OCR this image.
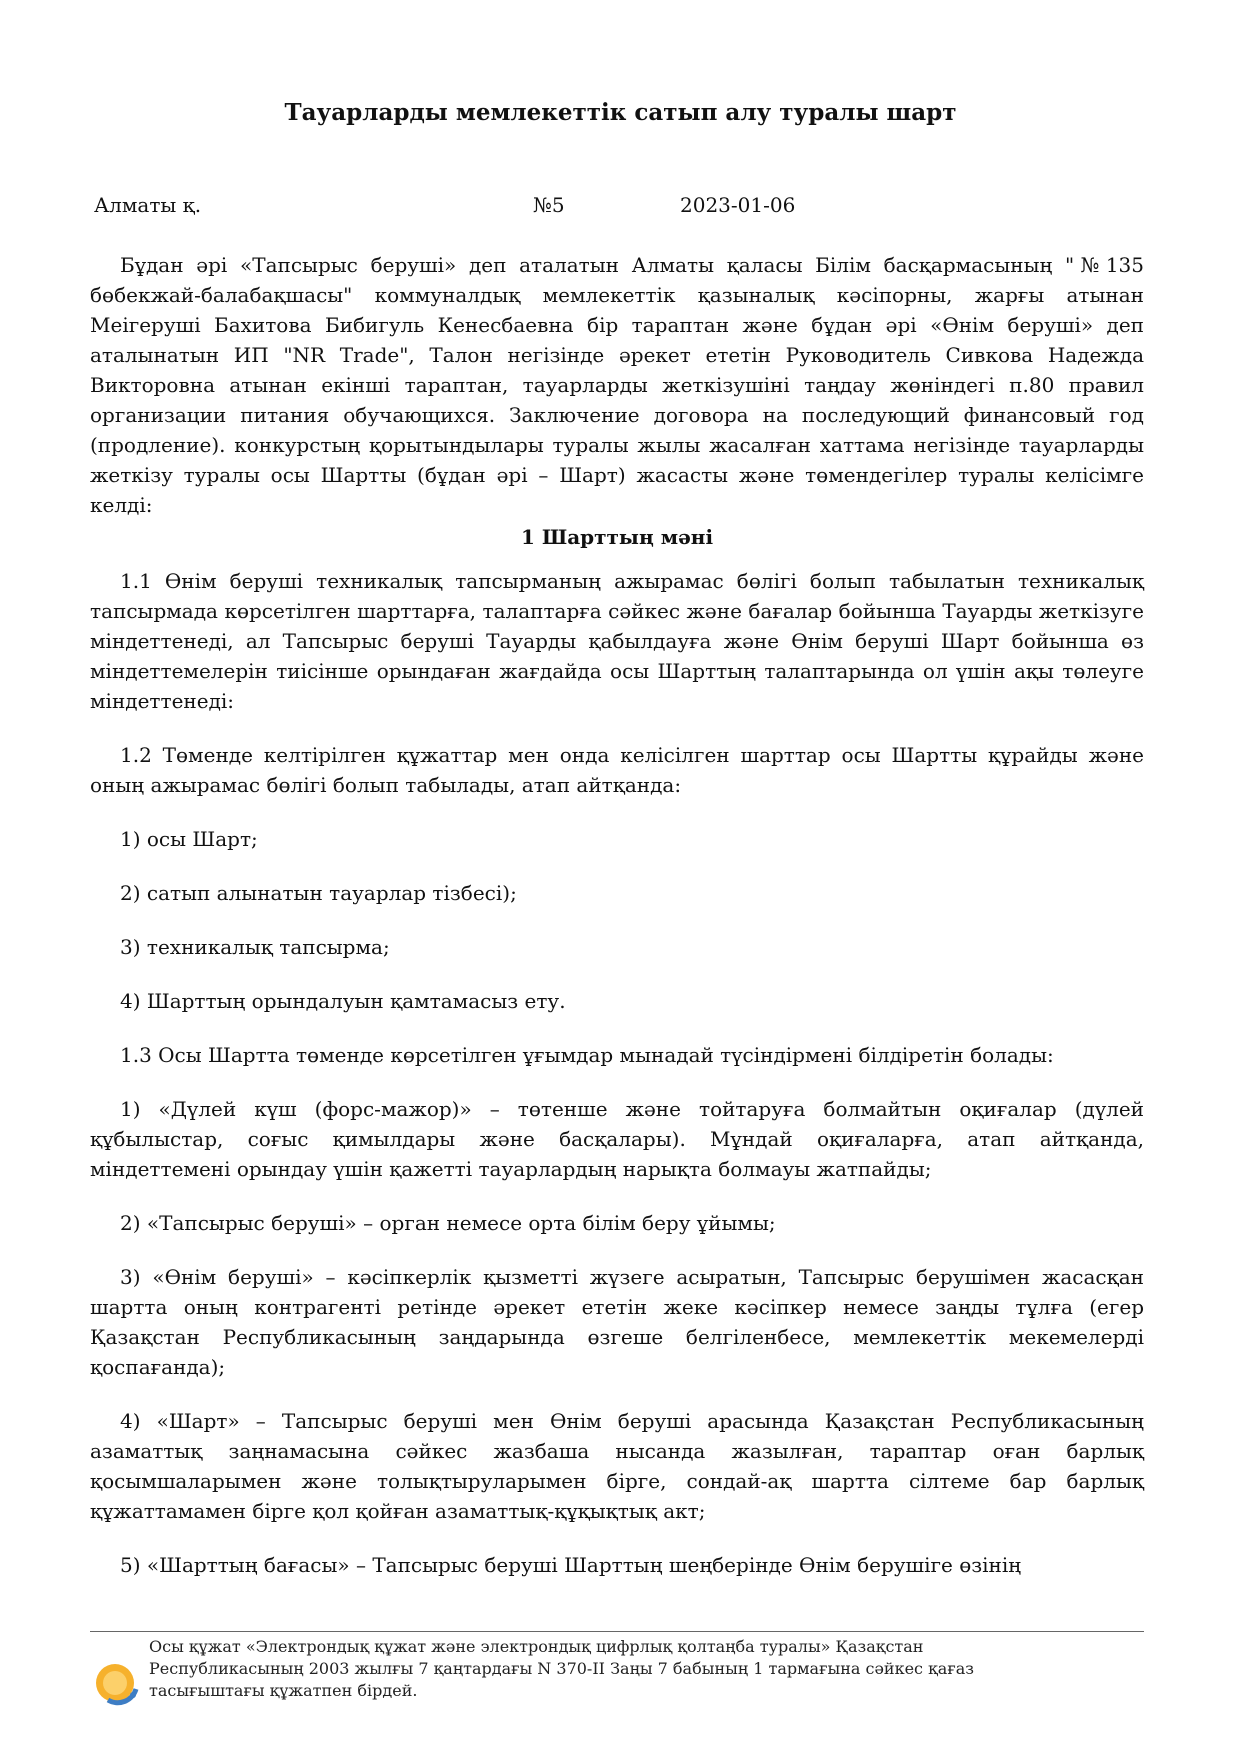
Тауарларды мемлекеттік сатып алу туралы шарт
Алматы қ.	№5	2023-01-06

Бұдан әрі «Тапсырыс беруші» деп аталатын Алматы қаласы Білім басқармасының "№135 бөбекжай-балабақшасы" коммуналдық мемлекеттік қазыналық кәсіпорны, жарғы атынан Меігеруші Бахитова Бибигуль Кенесбаевна бір тараптан және бұдан әрі «Өнім беруші» деп аталынатын ИП "NR Trade", Талон негізінде әрекет ететін Руководитель Сивкова Надежда Викторовна атынан екінші тараптан, тауарларды жеткізушіні таңдау жөніндегі п.80 правил организации питания обучающихся. Заключение договора на последующий финансовый год (продление). конкурстың қорытындылары туралы жылы жасалған хаттама негізінде тауарларды жеткізу туралы осы Шартты (бұдан әрі – Шарт) жасасты және төмендегілер туралы келісімге келді:

1 Шарттың мәні

1.1 Өнім беруші техникалық тапсырманың ажырамас бөлігі болып табылатын техникалық тапсырмада көрсетілген шарттарға, талаптарға сәйкес және бағалар бойынша Тауарды жеткізуге міндеттенеді, ал Тапсырыс беруші Тауарды қабылдауға және Өнім беруші Шарт бойынша өз міндеттемелерін тиісінше орындаған жағдайда осы Шарттың талаптарында ол үшін ақы төлеуге міндеттенеді:

1.2 Төменде келтірілген құжаттар мен онда келісілген шарттар осы Шартты құрайды және оның ажырамас бөлігі болып табылады, атап айтқанда:

1) осы Шарт;

2) сатып алынатын тауарлар тізбесі);

3) техникалық тапсырма;

4) Шарттың орындалуын қамтамасыз ету.

1.3 Осы Шартта төменде көрсетілген ұғымдар мынадай түсіндірмені білдіретін болады:

1) «Дүлей күш (форс-мажор)» – төтенше және тойтаруға болмайтын оқиғалар (дүлей құбылыстар, соғыс қимылдары және басқалары). Мұндай оқиғаларға, атап айтқанда, міндеттемені орындау үшін қажетті тауарлардың нарықта болмауы жатпайды;

2) «Тапсырыс беруші» – орган немесе орта білім беру ұйымы;

3) «Өнім беруші» – кәсіпкерлік қызметті жүзеге асыратын, Тапсырыс берушімен жасасқан шартта оның контрагенті ретінде әрекет ететін жеке кәсіпкер немесе заңды тұлға (егер Қазақстан Республикасының заңдарында өзгеше белгіленбесе, мемлекеттік мекемелерді қоспағанда);

4) «Шарт» – Тапсырыс беруші мен Өнім беруші арасында Қазақстан Республикасының азаматтық заңнамасына сәйкес жазбаша нысанда жазылған, тараптар оған барлық қосымшаларымен және толықтыруларымен бірге, сондай-ақ шартта сілтеме бар барлық құжаттамамен бірге қол қойған азаматтық-құқықтық акт;

5) «Шарттың бағасы» – Тапсырыс беруші Шарттың шеңберінде Өнім берушіге өзінің

Осы құжат «Электрондық құжат және электрондық цифрлық қолтаңба туралы» Қазақстан Республикасының 2003 жылғы 7 қаңтардағы N 370-II Заңы 7 бабының 1 тармағына сәйкес қағаз тасығыштағы құжатпен бірдей.
